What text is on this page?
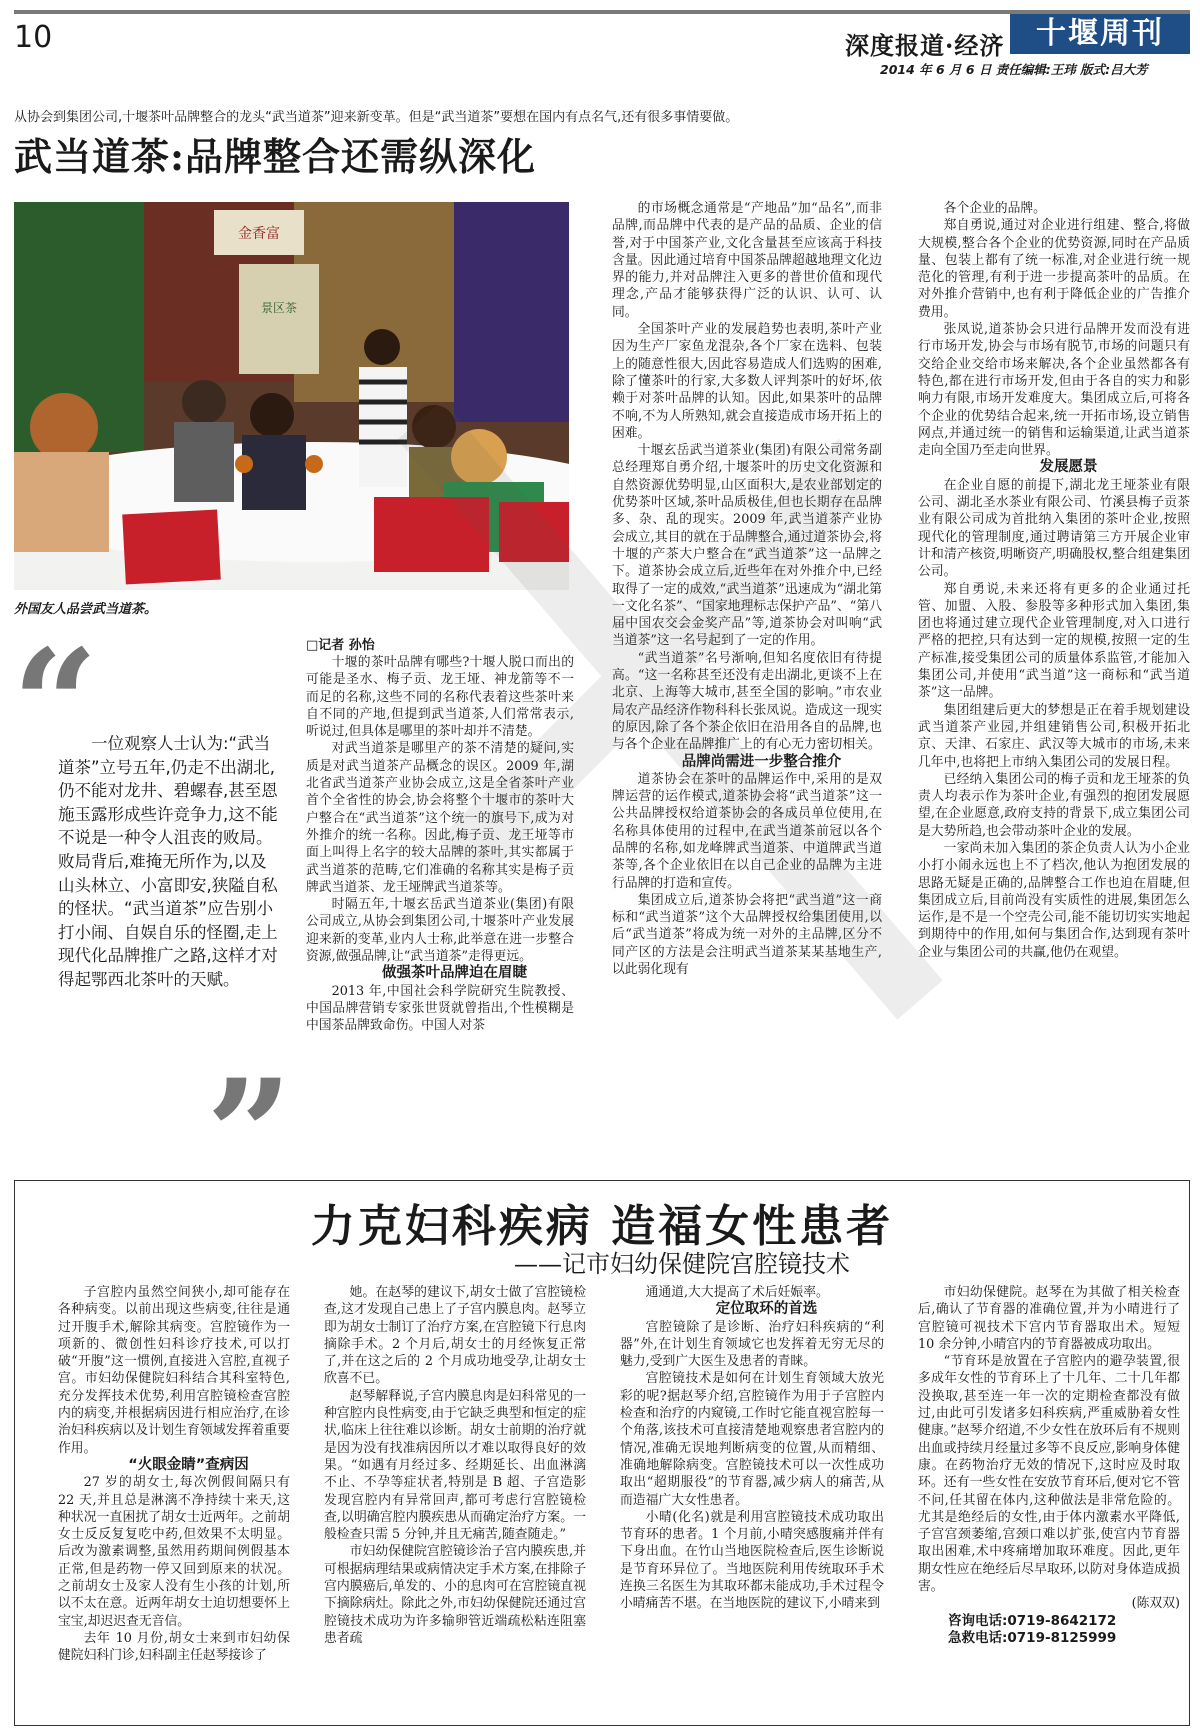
10	深度报道·经济	十堰周刊
2014 年 6 月 6 日 责任编辑:王玮 版式:吕大芳
从协会到集团公司,十堰茶叶品牌整合的龙头“武当道茶”迎来新变革。但是“武当道茶”要想在国内有点名气,还有很多事情要做。
武当道茶:品牌整合还需纵深化
金香富
景区茶
外国友人品尝武当道茶。
“
一位观察人士认为:“武当道茶”立号五年,仍走不出湖北,仍不能对龙井、碧螺春,甚至恩施玉露形成些许竞争力,这不能不说是一种令人沮丧的败局。败局背后,难掩无所作为,以及山头林立、小富即安,狭隘自私的怪状。“武当道茶”应告别小打小闹、自娱自乐的怪圈,走上现代化品牌推广之路,这样才对得起鄂西北茶叶的天赋。
”
□记者 孙怡

十堰的茶叶品牌有哪些?十堰人脱口而出的可能是圣水、梅子贡、龙王垭、神龙箭等不一而足的名称,这些不同的名称代表着这些茶叶来自不同的产地,但提到武当道茶,人们常常表示,听说过,但具体是哪里的茶叶却并不清楚。

对武当道茶是哪里产的茶不清楚的疑问,实质是对武当道茶产品概念的误区。2009 年,湖北省武当道茶产业协会成立,这是全省茶叶产业首个全省性的协会,协会将整个十堰市的茶叶大户整合在“武当道茶”这个统一的旗号下,成为对外推介的统一名称。因此,梅子贡、龙王垭等市面上叫得上名字的较大品牌的茶叶,其实都属于武当道茶的范畴,它们准确的名称其实是梅子贡牌武当道茶、龙王垭牌武当道茶等。

时隔五年,十堰玄岳武当道茶业(集团)有限公司成立,从协会到集团公司,十堰茶叶产业发展迎来新的变革,业内人士称,此举意在进一步整合资源,做强品牌,让“武当道茶”走得更远。

做强茶叶品牌迫在眉睫

2013 年,中国社会科学院研究生院教授、中国品牌营销专家张世贤就曾指出,个性模糊是中国茶品牌致命伤。中国人对茶

的市场概念通常是“产地品”加“品名”,而非品牌,而品牌中代表的是产品的品质、企业的信誉,对于中国茶产业,文化含量甚至应该高于科技含量。因此通过培育中国茶品牌超越地理文化边界的能力,并对品牌注入更多的普世价值和现代理念,产品才能够获得广泛的认识、认可、认同。

全国茶叶产业的发展趋势也表明,茶叶产业因为生产厂家鱼龙混杂,各个厂家在选料、包装上的随意性很大,因此容易造成人们选购的困难,除了懂茶叶的行家,大多数人评判茶叶的好坏,依赖于对茶叶品牌的认知。因此,如果茶叶的品牌不响,不为人所熟知,就会直接造成市场开拓上的困难。

十堰玄岳武当道茶业(集团)有限公司常务副总经理郑自勇介绍,十堰茶叶的历史文化资源和自然资源优势明显,山区面积大,是农业部划定的优势茶叶区域,茶叶品质极佳,但也长期存在品牌多、杂、乱的现实。2009 年,武当道茶产业协会成立,其目的就在于品牌整合,通过道茶协会,将十堰的产茶大户整合在“武当道茶”这一品牌之下。道茶协会成立后,近些年在对外推介中,已经取得了一定的成效,“武当道茶”迅速成为“湖北第一文化名茶”、“国家地理标志保护产品”、“第八届中国农交会金奖产品”等,道茶协会对叫响“武当道茶”这一名号起到了一定的作用。

“武当道茶”名号渐响,但知名度依旧有待提高。“这一名称甚至还没有走出湖北,更谈不上在北京、上海等大城市,甚至全国的影响。”市农业局农产品经济作物科科长张凤说。造成这一现实的原因,除了各个茶企依旧在沿用各自的品牌,也与各个企业在品牌推广上的有心无力密切相关。

品牌尚需进一步整合推介

道茶协会在茶叶的品牌运作中,采用的是双牌运营的运作模式,道茶协会将“武当道茶”这一公共品牌授权给道茶协会的各成员单位使用,在名称具体使用的过程中,在武当道茶前冠以各个品牌的名称,如龙峰牌武当道茶、中道牌武当道茶等,各个企业依旧在以自己企业的品牌为主进行品牌的打造和宣传。

集团成立后,道茶协会将把“武当道”这一商标和“武当道茶”这个大品牌授权给集团使用,以后“武当道茶”将成为统一对外的主品牌,区分不同产区的方法是会注明武当道茶某某基地生产,以此弱化现有

各个企业的品牌。

郑自勇说,通过对企业进行组建、整合,将做大规模,整合各个企业的优势资源,同时在产品质量、包装上都有了统一标准,对企业进行统一规范化的管理,有利于进一步提高茶叶的品质。在对外推介营销中,也有利于降低企业的广告推介费用。

张凤说,道茶协会只进行品牌开发而没有进行市场开发,协会与市场有脱节,市场的问题只有交给企业交给市场来解决,各个企业虽然都各有特色,都在进行市场开发,但由于各自的实力和影响力有限,市场开发难度大。集团成立后,可将各个企业的优势结合起来,统一开拓市场,设立销售网点,并通过统一的销售和运输渠道,让武当道茶走向全国乃至走向世界。

发展愿景

在企业自愿的前提下,湖北龙王垭茶业有限公司、湖北圣水茶业有限公司、竹溪县梅子贡茶业有限公司成为首批纳入集团的茶叶企业,按照现代化的管理制度,通过聘请第三方开展企业审计和清产核资,明晰资产,明确股权,整合组建集团公司。

郑自勇说,未来还将有更多的企业通过托管、加盟、入股、参股等多种形式加入集团,集团也将通过建立现代企业管理制度,对入口进行严格的把控,只有达到一定的规模,按照一定的生产标准,接受集团公司的质量体系监管,才能加入集团公司,并使用“武当道”这一商标和“武当道茶”这一品牌。

集团组建后更大的梦想是正在着手规划建设武当道茶产业园,并组建销售公司,积极开拓北京、天津、石家庄、武汉等大城市的市场,未来几年中,也将把上市纳入集团公司的发展日程。

已经纳入集团公司的梅子贡和龙王垭茶的负责人均表示作为茶叶企业,有强烈的抱团发展愿望,在企业愿意,政府支持的背景下,成立集团公司是大势所趋,也会带动茶叶企业的发展。

一家尚未加入集团的茶企负责人认为小企业小打小闹永远也上不了档次,他认为抱团发展的思路无疑是正确的,品牌整合工作也迫在眉睫,但集团成立后,目前尚没有实质性的进展,集团怎么运作,是不是一个空壳公司,能不能切切实实地起到期待中的作用,如何与集团合作,达到现有茶叶企业与集团公司的共赢,他仍在观望。

力克妇科疾病 造福女性患者
——记市妇幼保健院宫腔镜技术

子宫腔内虽然空间狭小,却可能存在各种病变。以前出现这些病变,往往是通过开腹手术,解除其病变。宫腔镜作为一项新的、微创性妇科诊疗技术,可以打破“开腹”这一惯例,直接进入宫腔,直视子宫。市妇幼保健院妇科结合其科室特色,充分发挥技术优势,利用宫腔镜检查宫腔内的病变,并根据病因进行相应治疗,在诊治妇科疾病以及计划生育领域发挥着重要作用。

“火眼金睛”查病因

27 岁的胡女士,每次例假间隔只有 22 天,并且总是淋漓不净持续十来天,这种状况一直困扰了胡女士近两年。之前胡女士反反复复吃中药,但效果不太明显。后改为激素调整,虽然用药期间例假基本正常,但是药物一停又回到原来的状况。之前胡女士及家人没有生小孩的计划,所以不太在意。近两年胡女士迫切想要怀上宝宝,却迟迟查无音信。

去年 10 月份,胡女士来到市妇幼保健院妇科门诊,妇科副主任赵琴接诊了

她。在赵琴的建议下,胡女士做了宫腔镜检查,这才发现自己患上了子宫内膜息肉。赵琴立即为胡女士制订了治疗方案,在宫腔镜下行息肉摘除手术。2 个月后,胡女士的月经恢复正常了,并在这之后的 2 个月成功地受孕,让胡女士欣喜不已。

赵琴解释说,子宫内膜息肉是妇科常见的一种宫腔内良性病变,由于它缺乏典型和恒定的症状,临床上往往难以诊断。胡女士前期的治疗就是因为没有找准病因所以才难以取得良好的效果。“如遇有月经过多、经期延长、出血淋漓不止、不孕等症状者,特别是 B 超、子宫造影发现宫腔内有异常回声,都可考虑行宫腔镜检查,以明确宫腔内膜疾患从而确定治疗方案。一般检查只需 5 分钟,并且无痛苦,随查随走。”

市妇幼保健院宫腔镜诊治子宫内膜疾患,并可根据病理结果或病情决定手术方案,在排除子宫内膜癌后,单发的、小的息肉可在宫腔镜直视下摘除病灶。除此之外,市妇幼保健院还通过宫腔镜技术成功为许多输卵管近端疏松粘连阻塞患者疏

通通道,大大提高了术后妊娠率。

定位取环的首选

宫腔镜除了是诊断、治疗妇科疾病的“利器”外,在计划生育领域它也发挥着无穷无尽的魅力,受到广大医生及患者的青睐。

宫腔镜技术是如何在计划生育领域大放光彩的呢?据赵琴介绍,宫腔镜作为用于子宫腔内检查和治疗的内窥镜,工作时它能直视宫腔每一个角落,该技术可直接清楚地观察患者宫腔内的情况,准确无误地判断病变的位置,从而精细、准确地解除病变。宫腔镜技术可以一次性成功取出“超期服役”的节育器,减少病人的痛苦,从而造福广大女性患者。

小晴(化名)就是利用宫腔镜技术成功取出节育环的患者。1 个月前,小晴突感腹痛并伴有下身出血。在竹山当地医院检查后,医生诊断说是节育环异位了。当地医院利用传统取环手术连换三名医生为其取环都未能成功,手术过程令小晴痛苦不堪。在当地医院的建议下,小晴来到

市妇幼保健院。赵琴在为其做了相关检查后,确认了节育器的准确位置,并为小晴进行了宫腔镜可视技术下宫内节育器取出术。短短 10 余分钟,小晴宫内的节育器被成功取出。

“节育环是放置在子宫腔内的避孕装置,很多成年女性的节育环上了十几年、二十几年都没换取,甚至连一年一次的定期检查都没有做过,由此可引发诸多妇科疾病,严重威胁着女性健康。”赵琴介绍道,不少女性在放环后有不规则出血或持续月经量过多等不良反应,影响身体健康。在药物治疗无效的情况下,这时应及时取环。还有一些女性在安放节育环后,便对它不管不问,任其留在体内,这种做法是非常危险的。尤其是绝经后的女性,由于体内激素水平降低,子宫宫颈萎缩,宫颈口难以扩张,使宫内节育器取出困难,术中疼痛增加取环难度。因此,更年期女性应在绝经后尽早取环,以防对身体造成损害。

(陈双双)

咨询电话:0719-8642172

急救电话:0719-8125999
